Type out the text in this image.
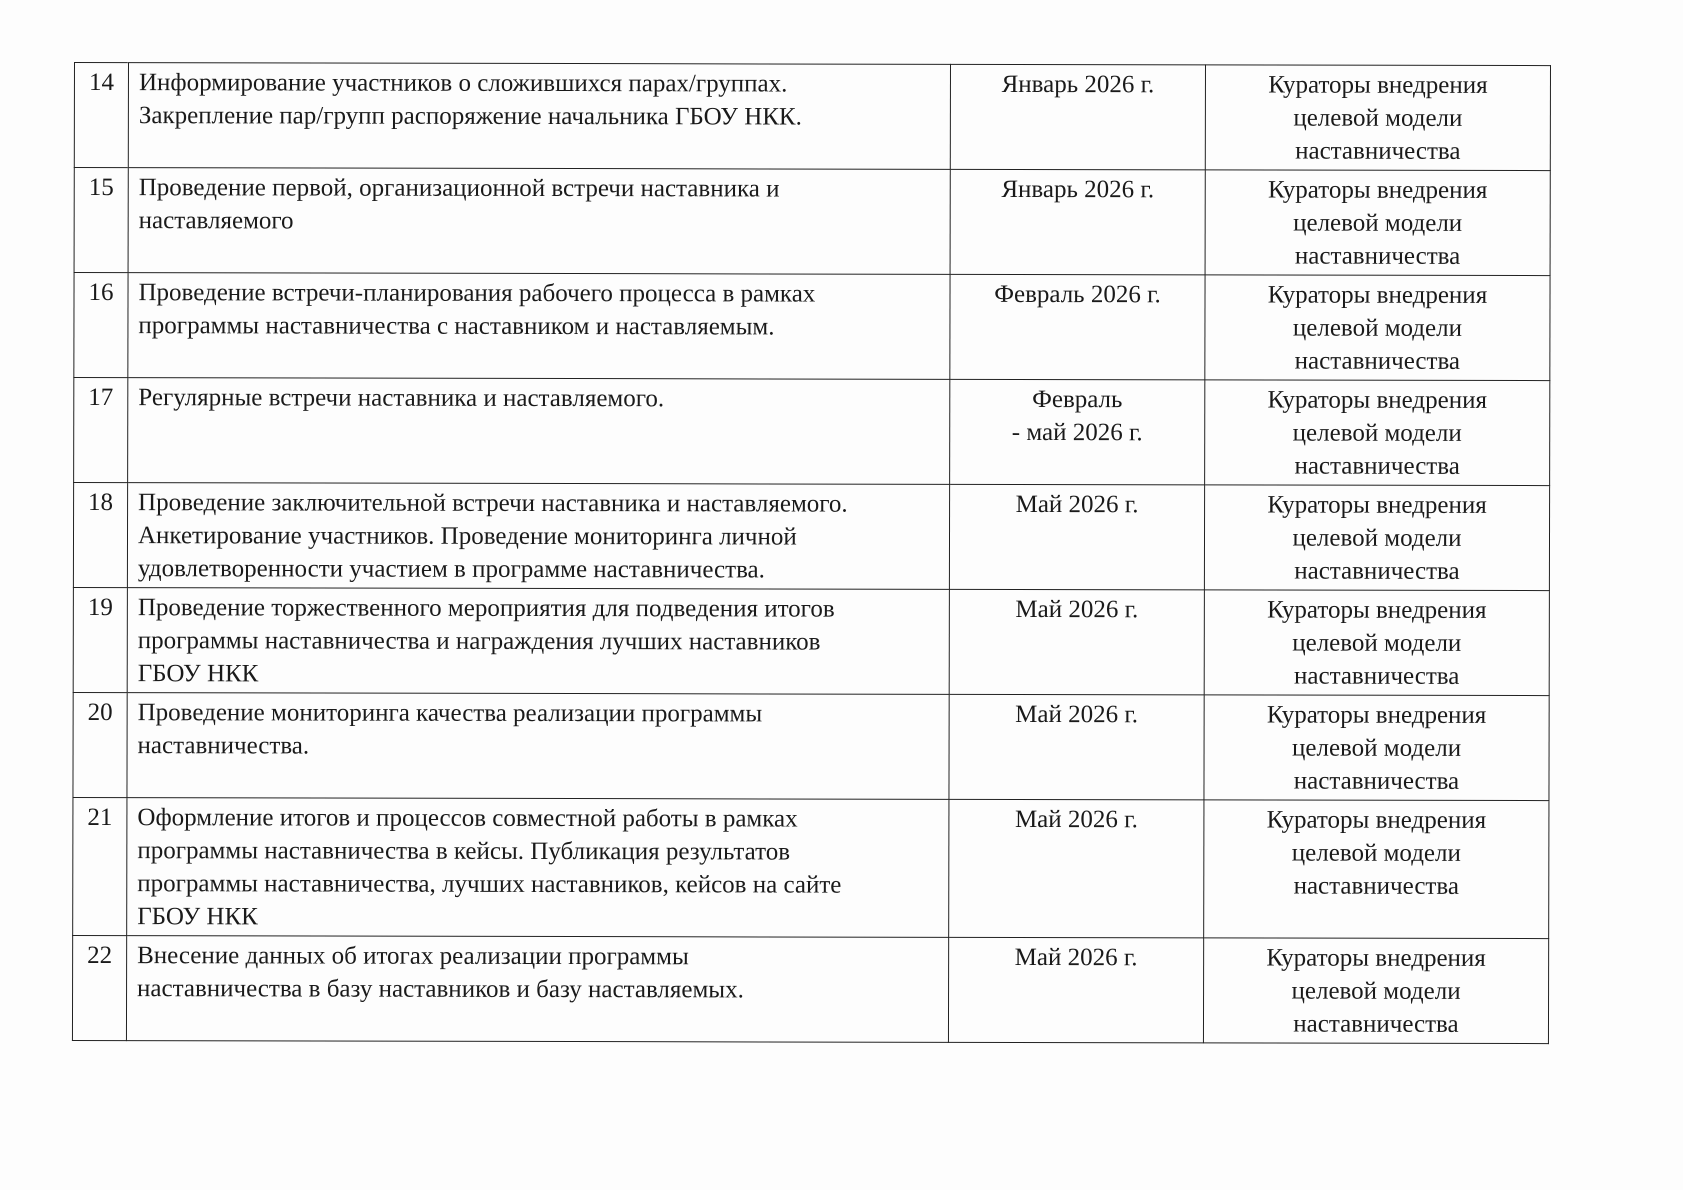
14	Информирование участников о сложившихся парах/группах.
Закрепление пар/групп распоряжение начальника ГБОУ НКК.	Январь 2026 г.	Кураторы внедрения
целевой модели
наставничества

15	Проведение первой, организационной встречи наставника и
наставляемого	Январь 2026 г.	Кураторы внедрения
целевой модели
наставничества

16	Проведение встречи-планирования рабочего процесса в рамках
программы наставничества с наставником и наставляемым.	Февраль 2026 г.	Кураторы внедрения
целевой модели
наставничества

17	Регулярные встречи наставника и наставляемого.	Февраль
- май 2026 г.	Кураторы внедрения
целевой модели
наставничества

18	Проведение заключительной встречи наставника и наставляемого.
Анкетирование участников. Проведение мониторинга личной
удовлетворенности участием в программе наставничества.	Май 2026 г.	Кураторы внедрения
целевой модели
наставничества

19	Проведение торжественного мероприятия для подведения итогов
программы наставничества и награждения лучших наставников
ГБОУ НКК	Май 2026 г.	Кураторы внедрения
целевой модели
наставничества

20	Проведение мониторинга качества реализации программы
наставничества.	Май 2026 г.	Кураторы внедрения
целевой модели
наставничества

21	Оформление итогов и процессов совместной работы в рамках
программы наставничества в кейсы. Публикация результатов
программы наставничества, лучших наставников, кейсов на сайте
ГБОУ НКК	Май 2026 г.	Кураторы внедрения
целевой модели
наставничества

22	Внесение данных об итогах реализации программы
наставничества в базу наставников и базу наставляемых.	Май 2026 г.	Кураторы внедрения
целевой модели
наставничества
